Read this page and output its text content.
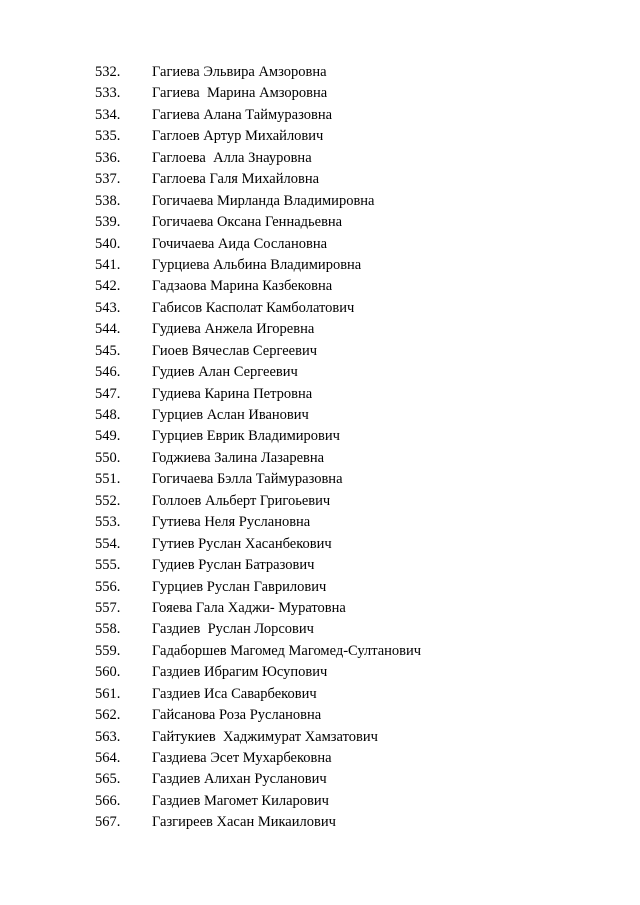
532. Гагиева Эльвира Амзоровна
533. Гагиева  Марина Амзоровна
534. Гагиева Алана Таймуразовна
535. Гаглоев Артур Михайлович
536. Гаглоева  Алла Знауровна
537. Гаглоева Галя Михайловна
538. Гогичаева Мирланда Владимировна
539. Гогичаева Оксана Геннадьевна
540. Гочичаева Аида Сослановна
541. Гурциева Альбина Владимировна
542. Гадзаова Марина Казбековна
543. Габисов Касполат Камболатович
544. Гудиева Анжела Игоревна
545. Гиоев Вячеслав Сергеевич
546. Гудиев Алан Сергеевич
547. Гудиева Карина Петровна
548. Гурциев Аслан Иванович
549. Гурциев Еврик Владимирович
550. Годжиева Залина Лазаревна
551. Гогичаева Бэлла Таймуразовна
552. Голлоев Альберт Григоьевич
553. Гутиева Неля Руслановна
554. Гутиев Руслан Хасанбекович
555. Гудиев Руслан Батразович
556. Гурциев Руслан Гаврилович
557. Гояева Гала Хаджи- Муратовна
558. Газдиев  Руслан Лорсович
559. Гадаборшев Магомед Магомед-Султанович
560. Газдиев Ибрагим Юсупович
561. Газдиев Иса Саварбекович
562. Гайсанова Роза Руслановна
563. Гайтукиев  Хаджимурат Хамзатович
564. Газдиева Эсет Мухарбековна
565. Газдиев Алихан Русланович
566. Газдиев Магомет Киларович
567. Газгиреев Хасан Микаилович
